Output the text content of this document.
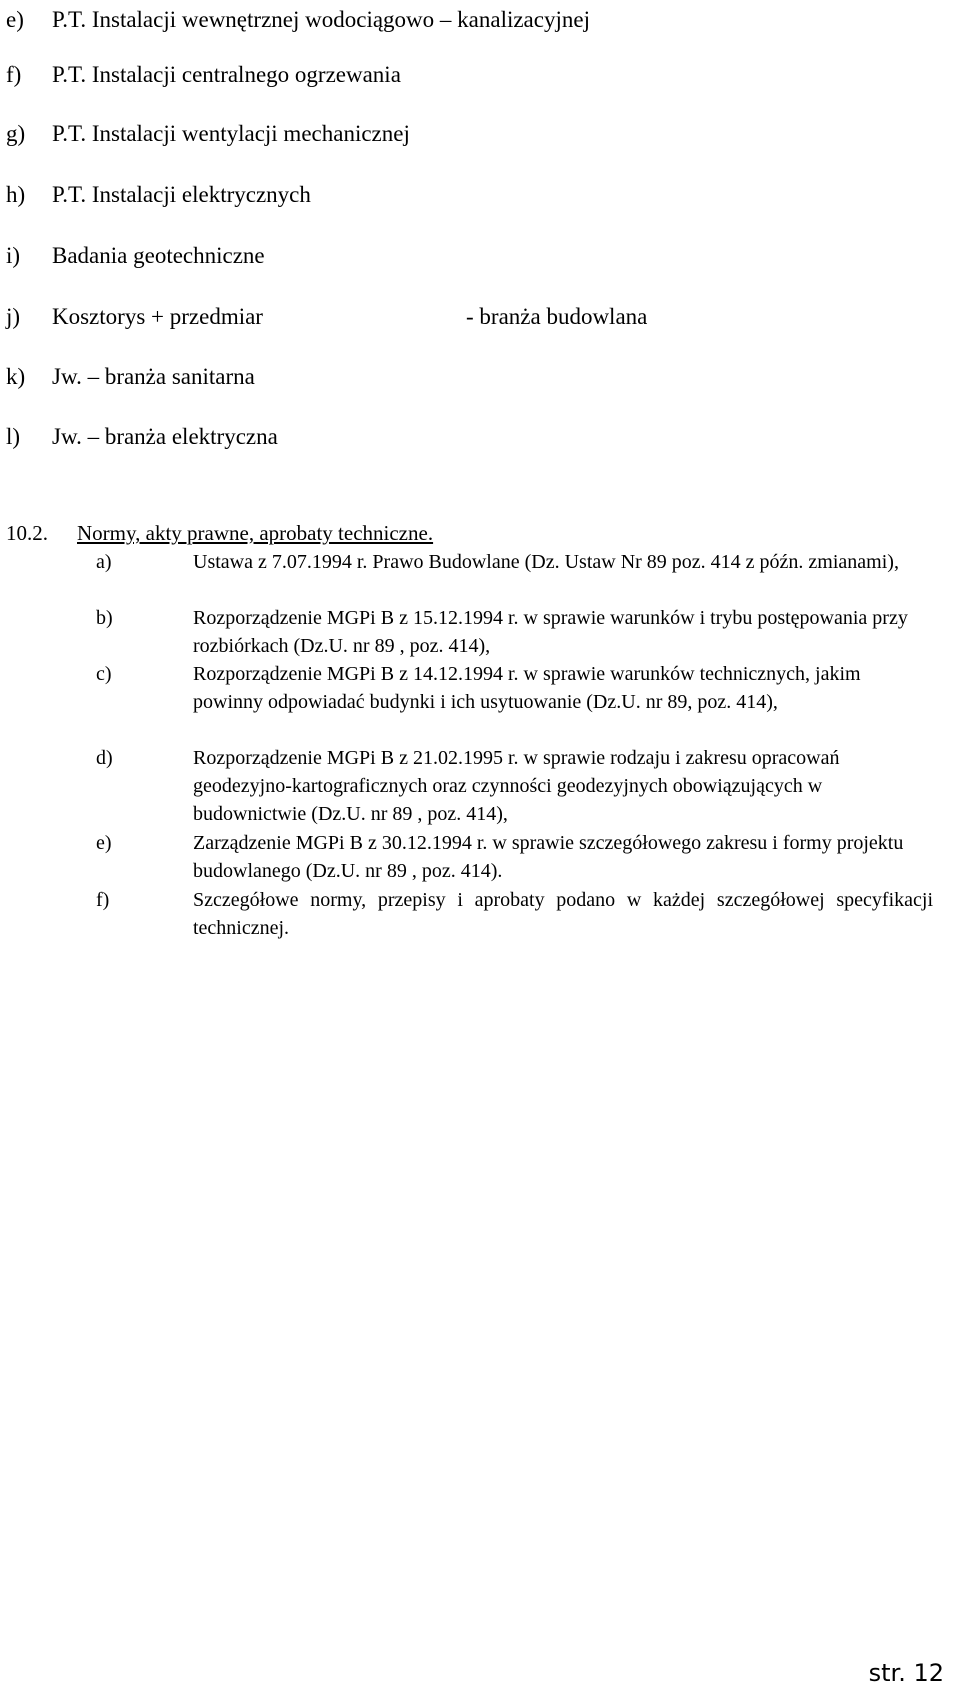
e) P.T. Instalacji wewnętrznej wodociągowo – kanalizacyjnej
f) P.T. Instalacji centralnego ogrzewania
g) P.T. Instalacji wentylacji mechanicznej
h) P.T. Instalacji elektrycznych
i) Badania geotechniczne
j) Kosztorys + przedmiar	- branża budowlana
k) Jw. – branża sanitarna
l) Jw. – branża elektryczna
10.2. Normy, akty prawne, aprobaty techniczne.
a)	Ustawa z 7.07.1994 r. Prawo Budowlane (Dz. Ustaw Nr 89 poz. 414 z późn. zmianami),
b)	Rozporządzenie MGPi B z 15.12.1994 r. w sprawie warunków i trybu postępowania przy rozbiórkach (Dz.U. nr 89 , poz. 414),
c)	Rozporządzenie MGPi B z 14.12.1994 r. w sprawie warunków technicznych, jakim powinny odpowiadać budynki i ich usytuowanie (Dz.U. nr 89, poz. 414),
d)	Rozporządzenie MGPi B z 21.02.1995 r. w sprawie rodzaju i zakresu opracowań geodezyjno-kartograficznych oraz czynności geodezyjnych obowiązujących w budownictwie (Dz.U. nr 89 , poz. 414),
e)	Zarządzenie MGPi B z 30.12.1994 r. w sprawie szczegółowego zakresu i formy projektu budowlanego (Dz.U. nr 89 , poz. 414).
f)	Szczegółowe normy, przepisy i aprobaty podano w każdej szczegółowej specyfikacji technicznej.
str. 12
